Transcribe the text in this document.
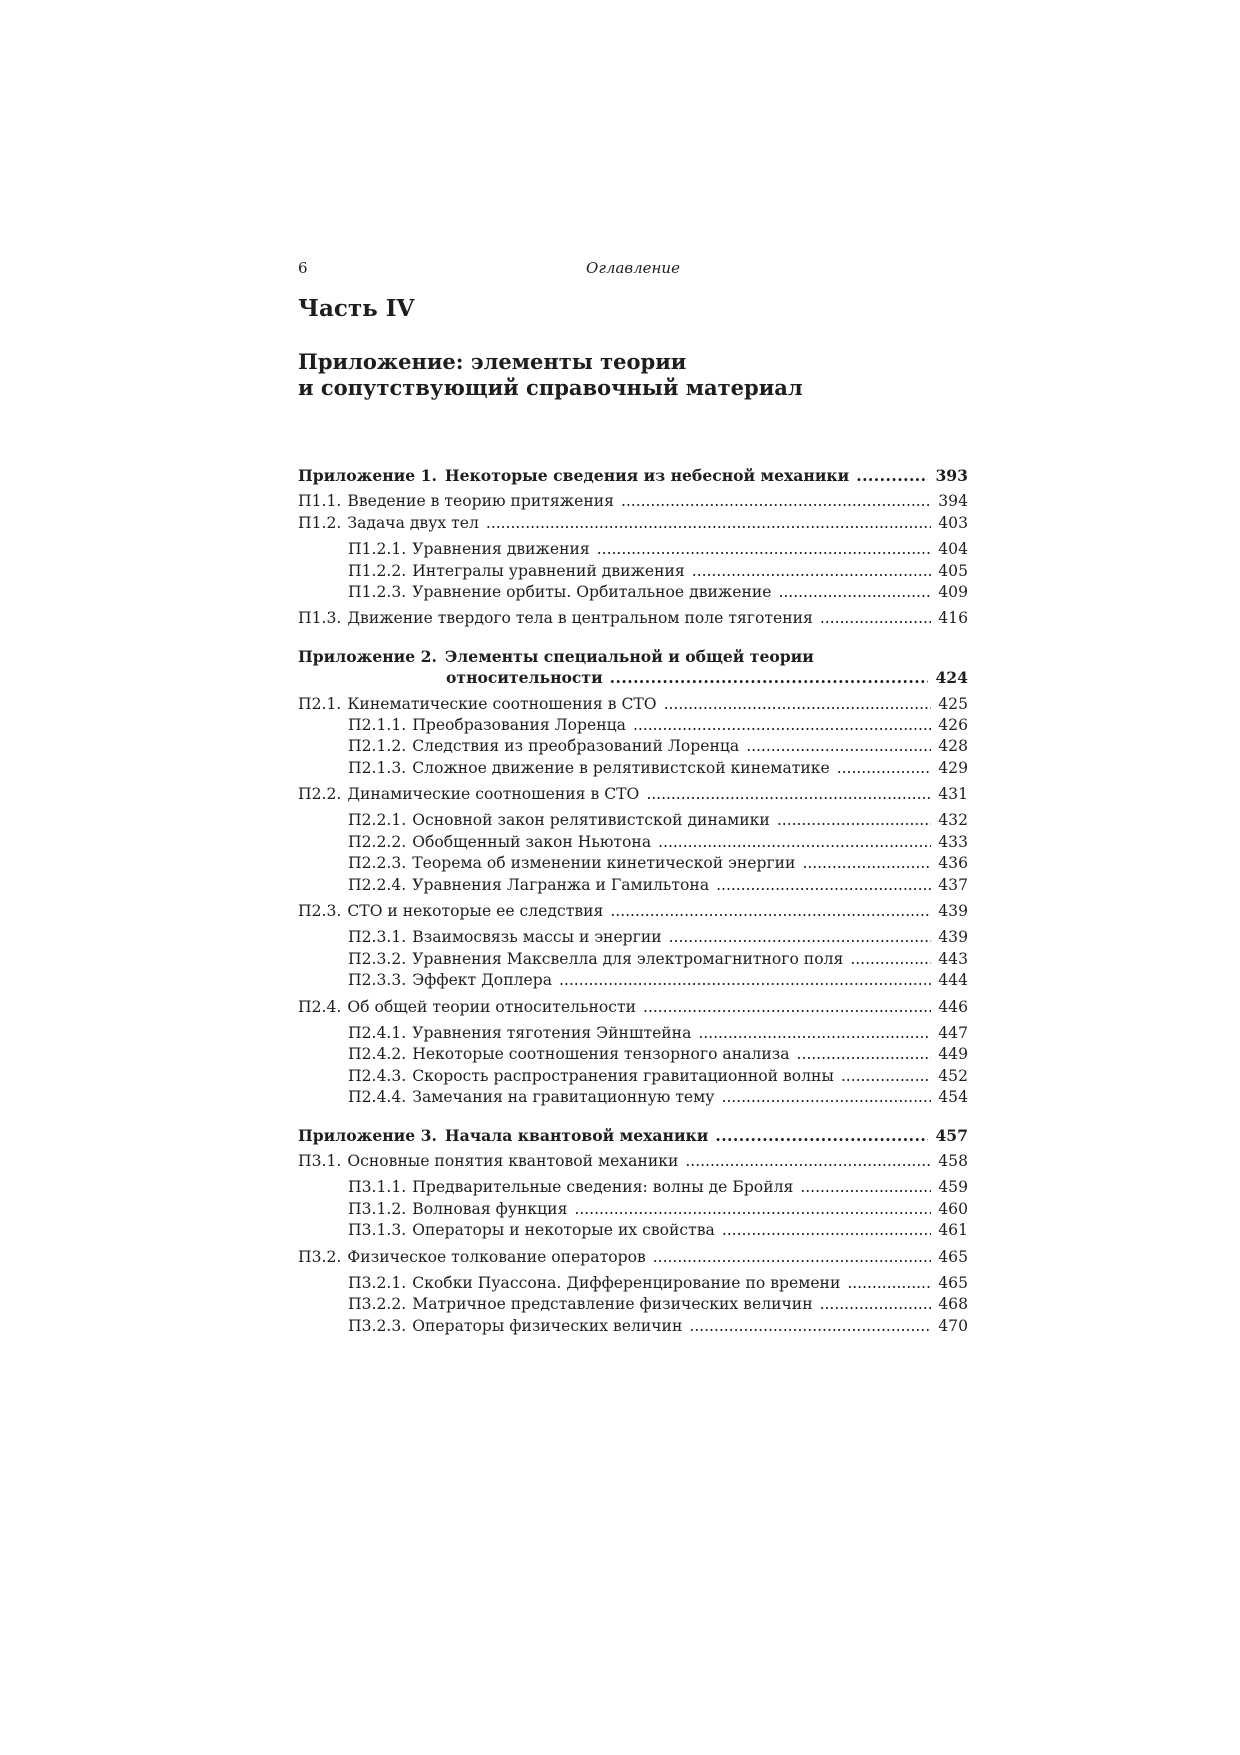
6	Оглавление
Часть IV
Приложение: элементы теории
и сопутствующий справочный материал
Приложение 1. Некоторые сведения из небесной механики . . .	393
П1.1. Введение в теорию притяжения . . .	394
П1.2. Задача двух тел . . .	403
П1.2.1. Уравнения движения . . .	404
П1.2.2. Интегралы уравнений движения . . .	405
П1.2.3. Уравнение орбиты. Орбитальное движение . . .	409
П1.3. Движение твердого тела в центральном поле тяготения . . .	416
Приложение 2. Элементы специальной и общей теории
относительности . . .	424
П2.1. Кинематические соотношения в СТО . . .	425
П2.1.1. Преобразования Лоренца . . .	426
П2.1.2. Следствия из преобразований Лоренца . . .	428
П2.1.3. Сложное движение в релятивистской кинематике . . .	429
П2.2. Динамические соотношения в СТО . . .	431
П2.2.1. Основной закон релятивистской динамики . . .	432
П2.2.2. Обобщенный закон Ньютона . . .	433
П2.2.3. Теорема об изменении кинетической энергии . . .	436
П2.2.4. Уравнения Лагранжа и Гамильтона . . .	437
П2.3. СТО и некоторые ее следствия . . .	439
П2.3.1. Взаимосвязь массы и энергии . . .	439
П2.3.2. Уравнения Максвелла для электромагнитного поля . . .	443
П2.3.3. Эффект Доплера . . .	444
П2.4. Об общей теории относительности . . .	446
П2.4.1. Уравнения тяготения Эйнштейна . . .	447
П2.4.2. Некоторые соотношения тензорного анализа . . .	449
П2.4.3. Скорость распространения гравитационной волны . . .	452
П2.4.4. Замечания на гравитационную тему . . .	454
Приложение 3. Начала квантовой механики . . .	457
П3.1. Основные понятия квантовой механики . . .	458
П3.1.1. Предварительные сведения: волны де Бройля . . .	459
П3.1.2. Волновая функция . . .	460
П3.1.3. Операторы и некоторые их свойства . . .	461
П3.2. Физическое толкование операторов . . .	465
П3.2.1. Скобки Пуассона. Дифференцирование по времени . . .	465
П3.2.2. Матричное представление физических величин . . .	468
П3.2.3. Операторы физических величин . . .	470
